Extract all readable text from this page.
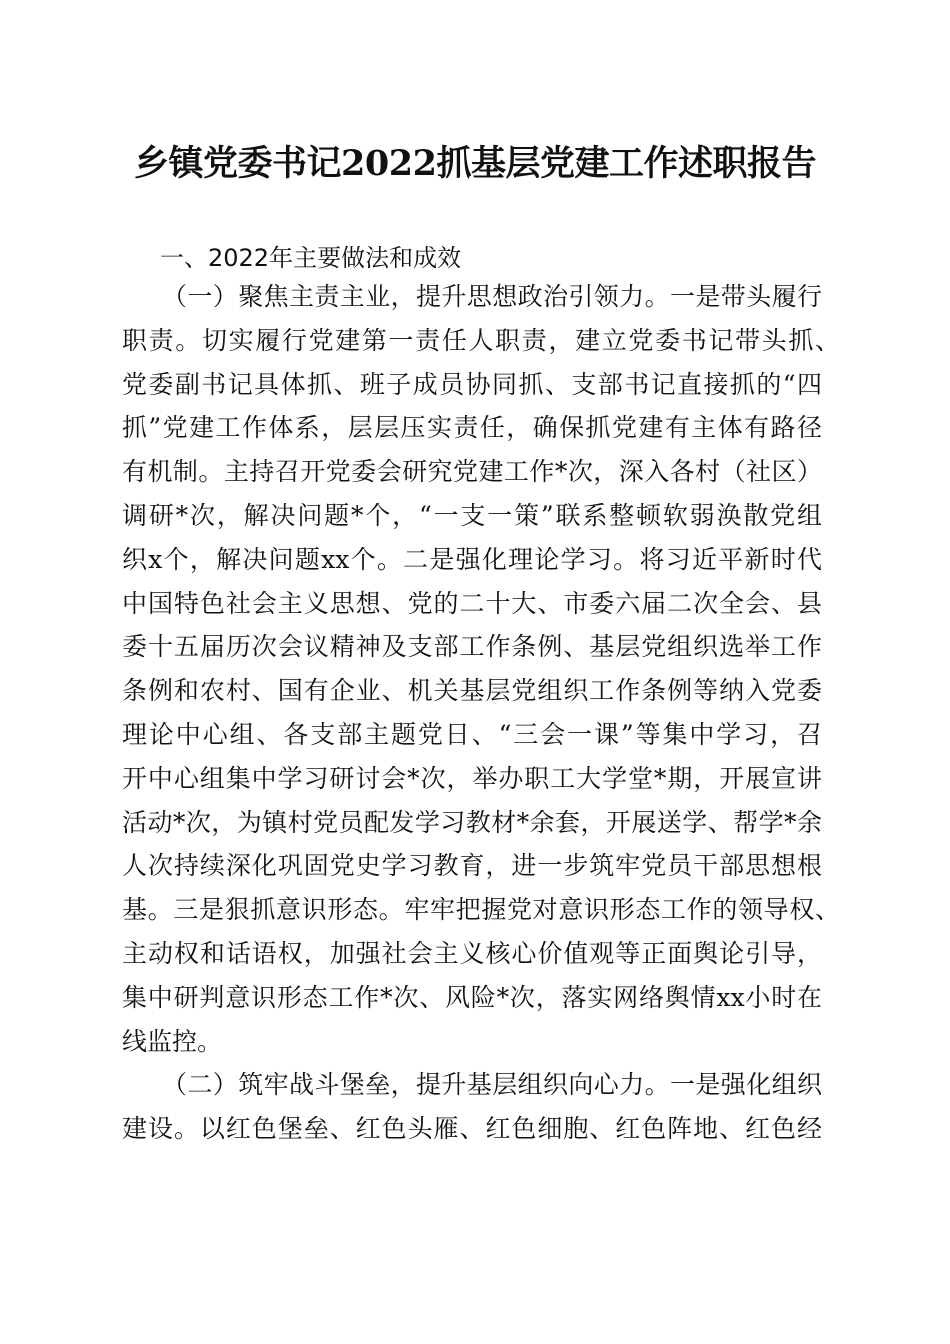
乡镇党委书记2022抓基层党建工作述职报告
一、2022年主要做法和成效
（一）聚焦主责主业，提升思想政治引领力。一是带头履行
职责。切实履行党建第一责任人职责，建立党委书记带头抓、
党委副书记具体抓、班子成员协同抓、支部书记直接抓的“四
抓”党建工作体系，层层压实责任，确保抓党建有主体有路径
有机制。主持召开党委会研究党建工作*次，深入各村（社区）
调研*次，解决问题*个，“一支一策”联系整顿软弱涣散党组
织x个，解决问题xx个。二是强化理论学习。将习近平新时代
中国特色社会主义思想、党的二十大、市委六届二次全会、县
委十五届历次会议精神及支部工作条例、基层党组织选举工作
条例和农村、国有企业、机关基层党组织工作条例等纳入党委
理论中心组、各支部主题党日、“三会一课”等集中学习，召
开中心组集中学习研讨会*次，举办职工大学堂*期，开展宣讲
活动*次，为镇村党员配发学习教材*余套，开展送学、帮学*余
人次持续深化巩固党史学习教育，进一步筑牢党员干部思想根
基。三是狠抓意识形态。牢牢把握党对意识形态工作的领导权、
主动权和话语权，加强社会主义核心价值观等正面舆论引导，
集中研判意识形态工作*次、风险*次，落实网络舆情xx小时在
线监控。
（二）筑牢战斗堡垒，提升基层组织向心力。一是强化组织
建设。以红色堡垒、红色头雁、红色细胞、红色阵地、红色经
